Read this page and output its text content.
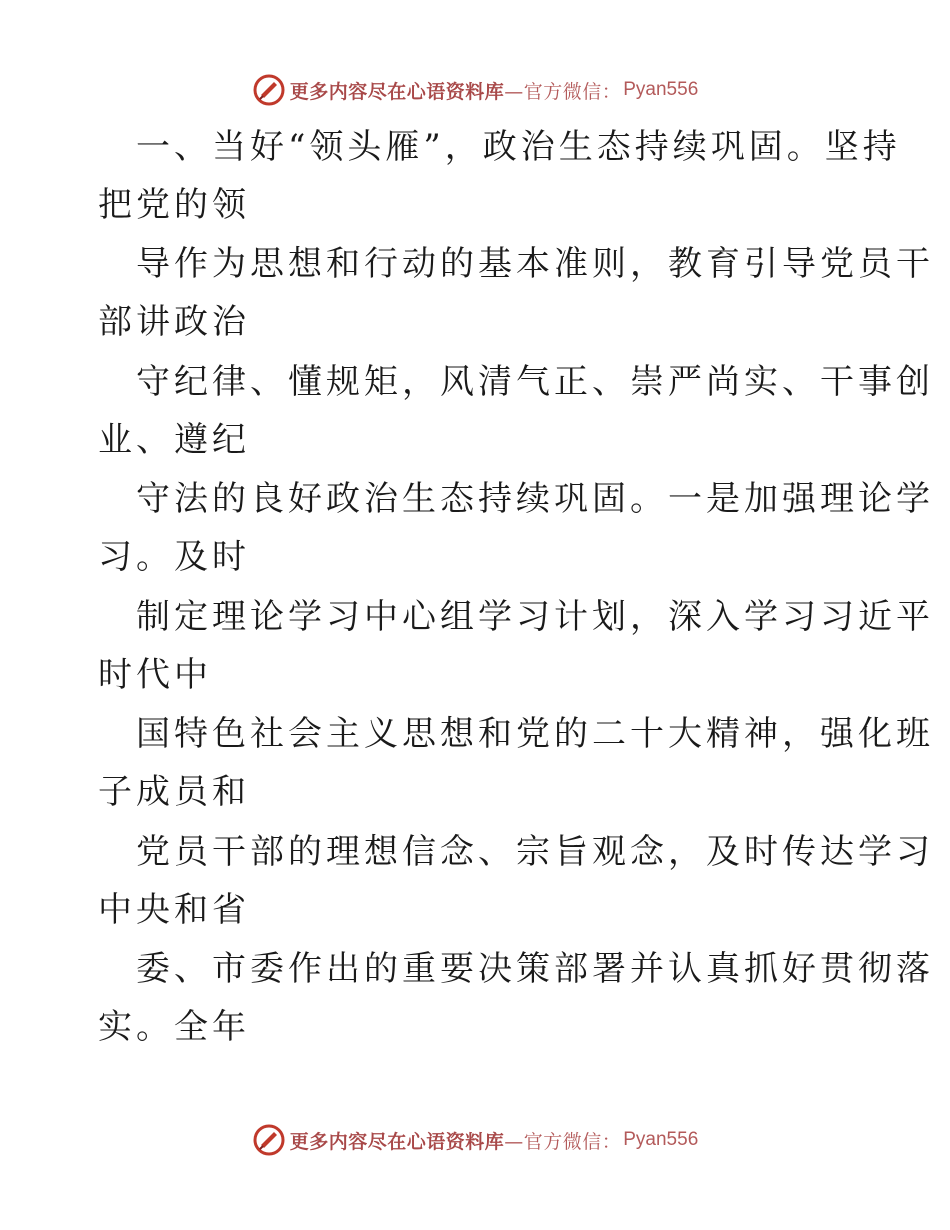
更多内容尽在心语资料库—官方微信： Pyan556
一、当好“领头雁”，政治生态持续巩固。坚持
把党的领
导作为思想和行动的基本准则，教育引导党员干
部讲政治
守纪律、懂规矩，风清气正、崇严尚实、干事创
业、遵纪
守法的良好政治生态持续巩固。一是加强理论学
习。及时
制定理论学习中心组学习计划，深入学习习近平
时代中
国特色社会主义思想和党的二十大精神，强化班
子成员和
党员干部的理想信念、宗旨观念，及时传达学习
中央和省
委、市委作出的重要决策部署并认真抓好贯彻落
实。全年
更多内容尽在心语资料库—官方微信： Pyan556
